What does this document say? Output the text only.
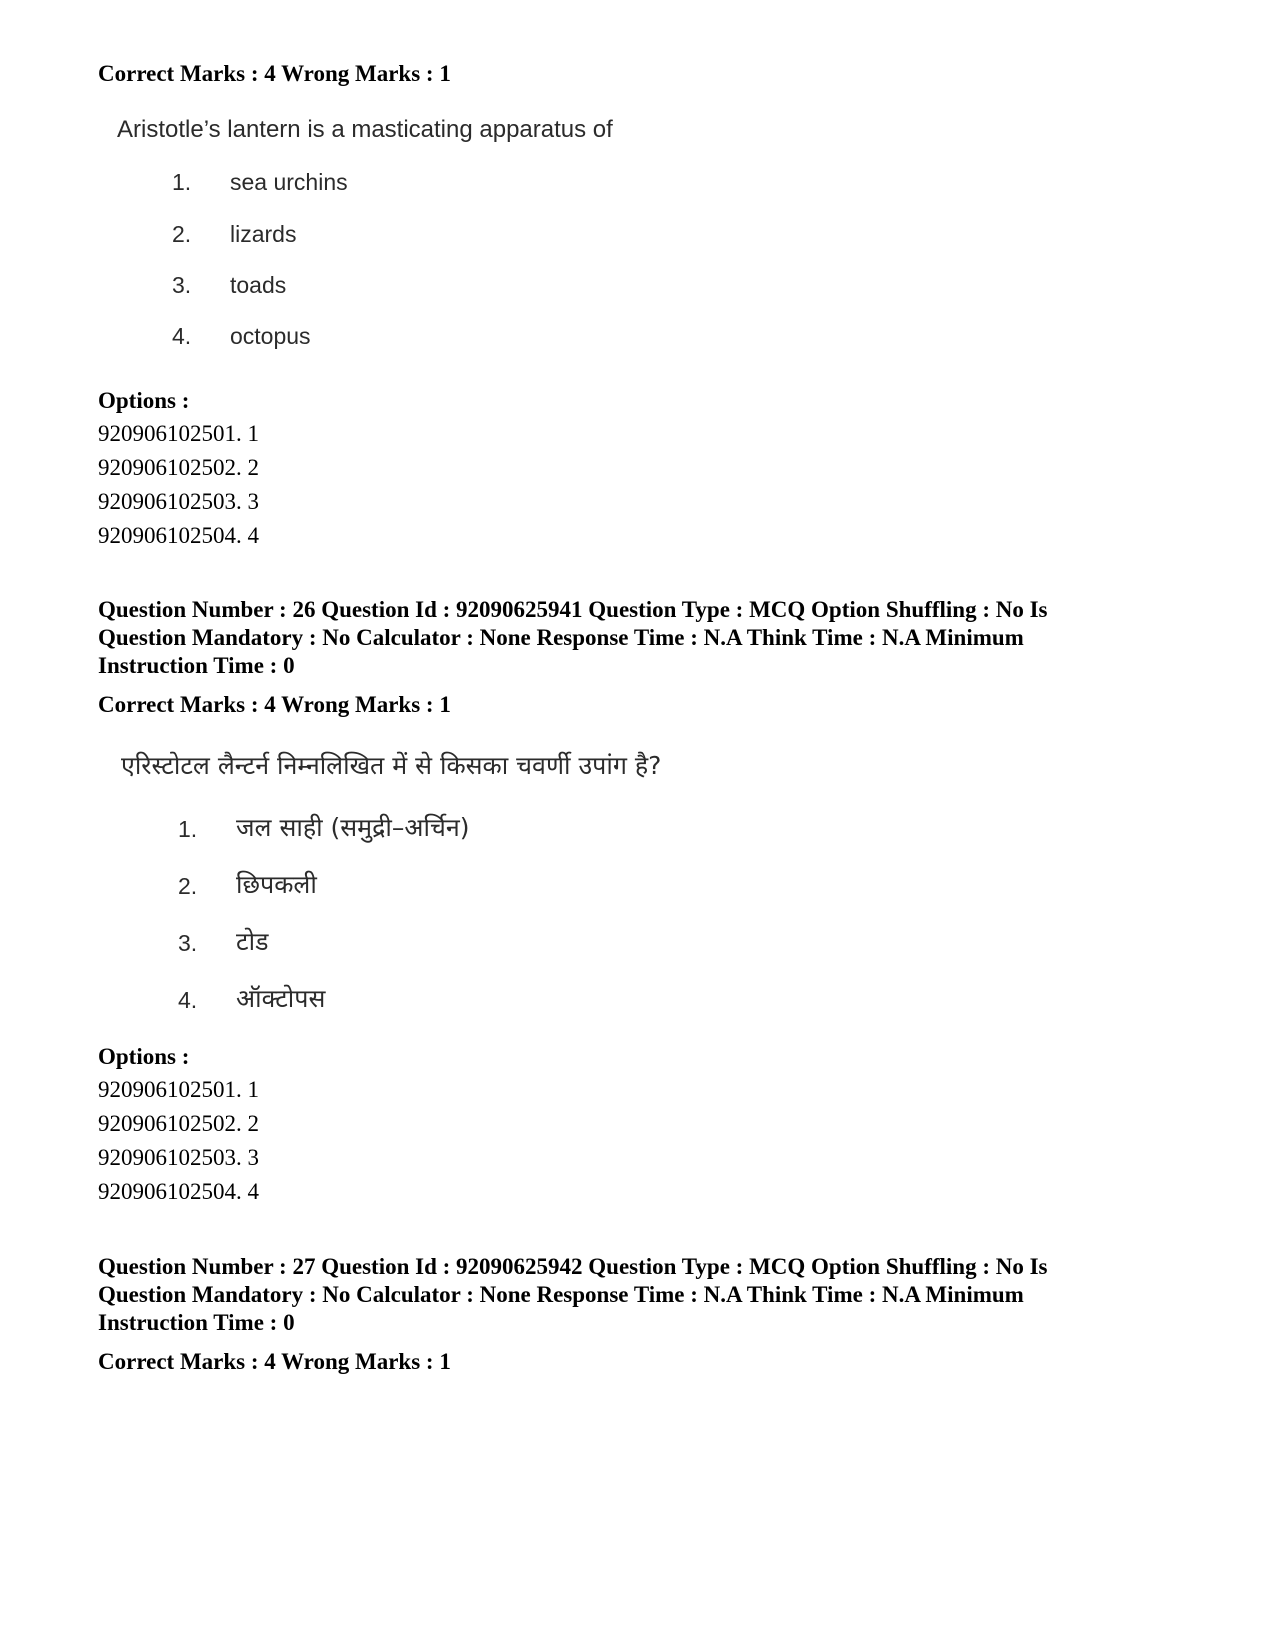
Correct Marks : 4 Wrong Marks : 1
Aristotle’s lantern is a masticating apparatus of
1. sea urchins
2. lizards
3. toads
4. octopus
Options :
920906102501. 1
920906102502. 2
920906102503. 3
920906102504. 4
Question Number : 26 Question Id : 92090625941 Question Type : MCQ Option Shuffling : No Is
Question Mandatory : No Calculator : None Response Time : N.A Think Time : N.A Minimum
Instruction Time : 0
Correct Marks : 4 Wrong Marks : 1
एरिस्टोटल लैन्टर्न निम्नलिखित में से किसका चवर्णी उपांग है?
1. जल साही (समुद्री–अर्चिन)
2. छिपकली
3. टोड
4. ऑक्टोपस
Options :
920906102501. 1
920906102502. 2
920906102503. 3
920906102504. 4
Question Number : 27 Question Id : 92090625942 Question Type : MCQ Option Shuffling : No Is
Question Mandatory : No Calculator : None Response Time : N.A Think Time : N.A Minimum
Instruction Time : 0
Correct Marks : 4 Wrong Marks : 1
